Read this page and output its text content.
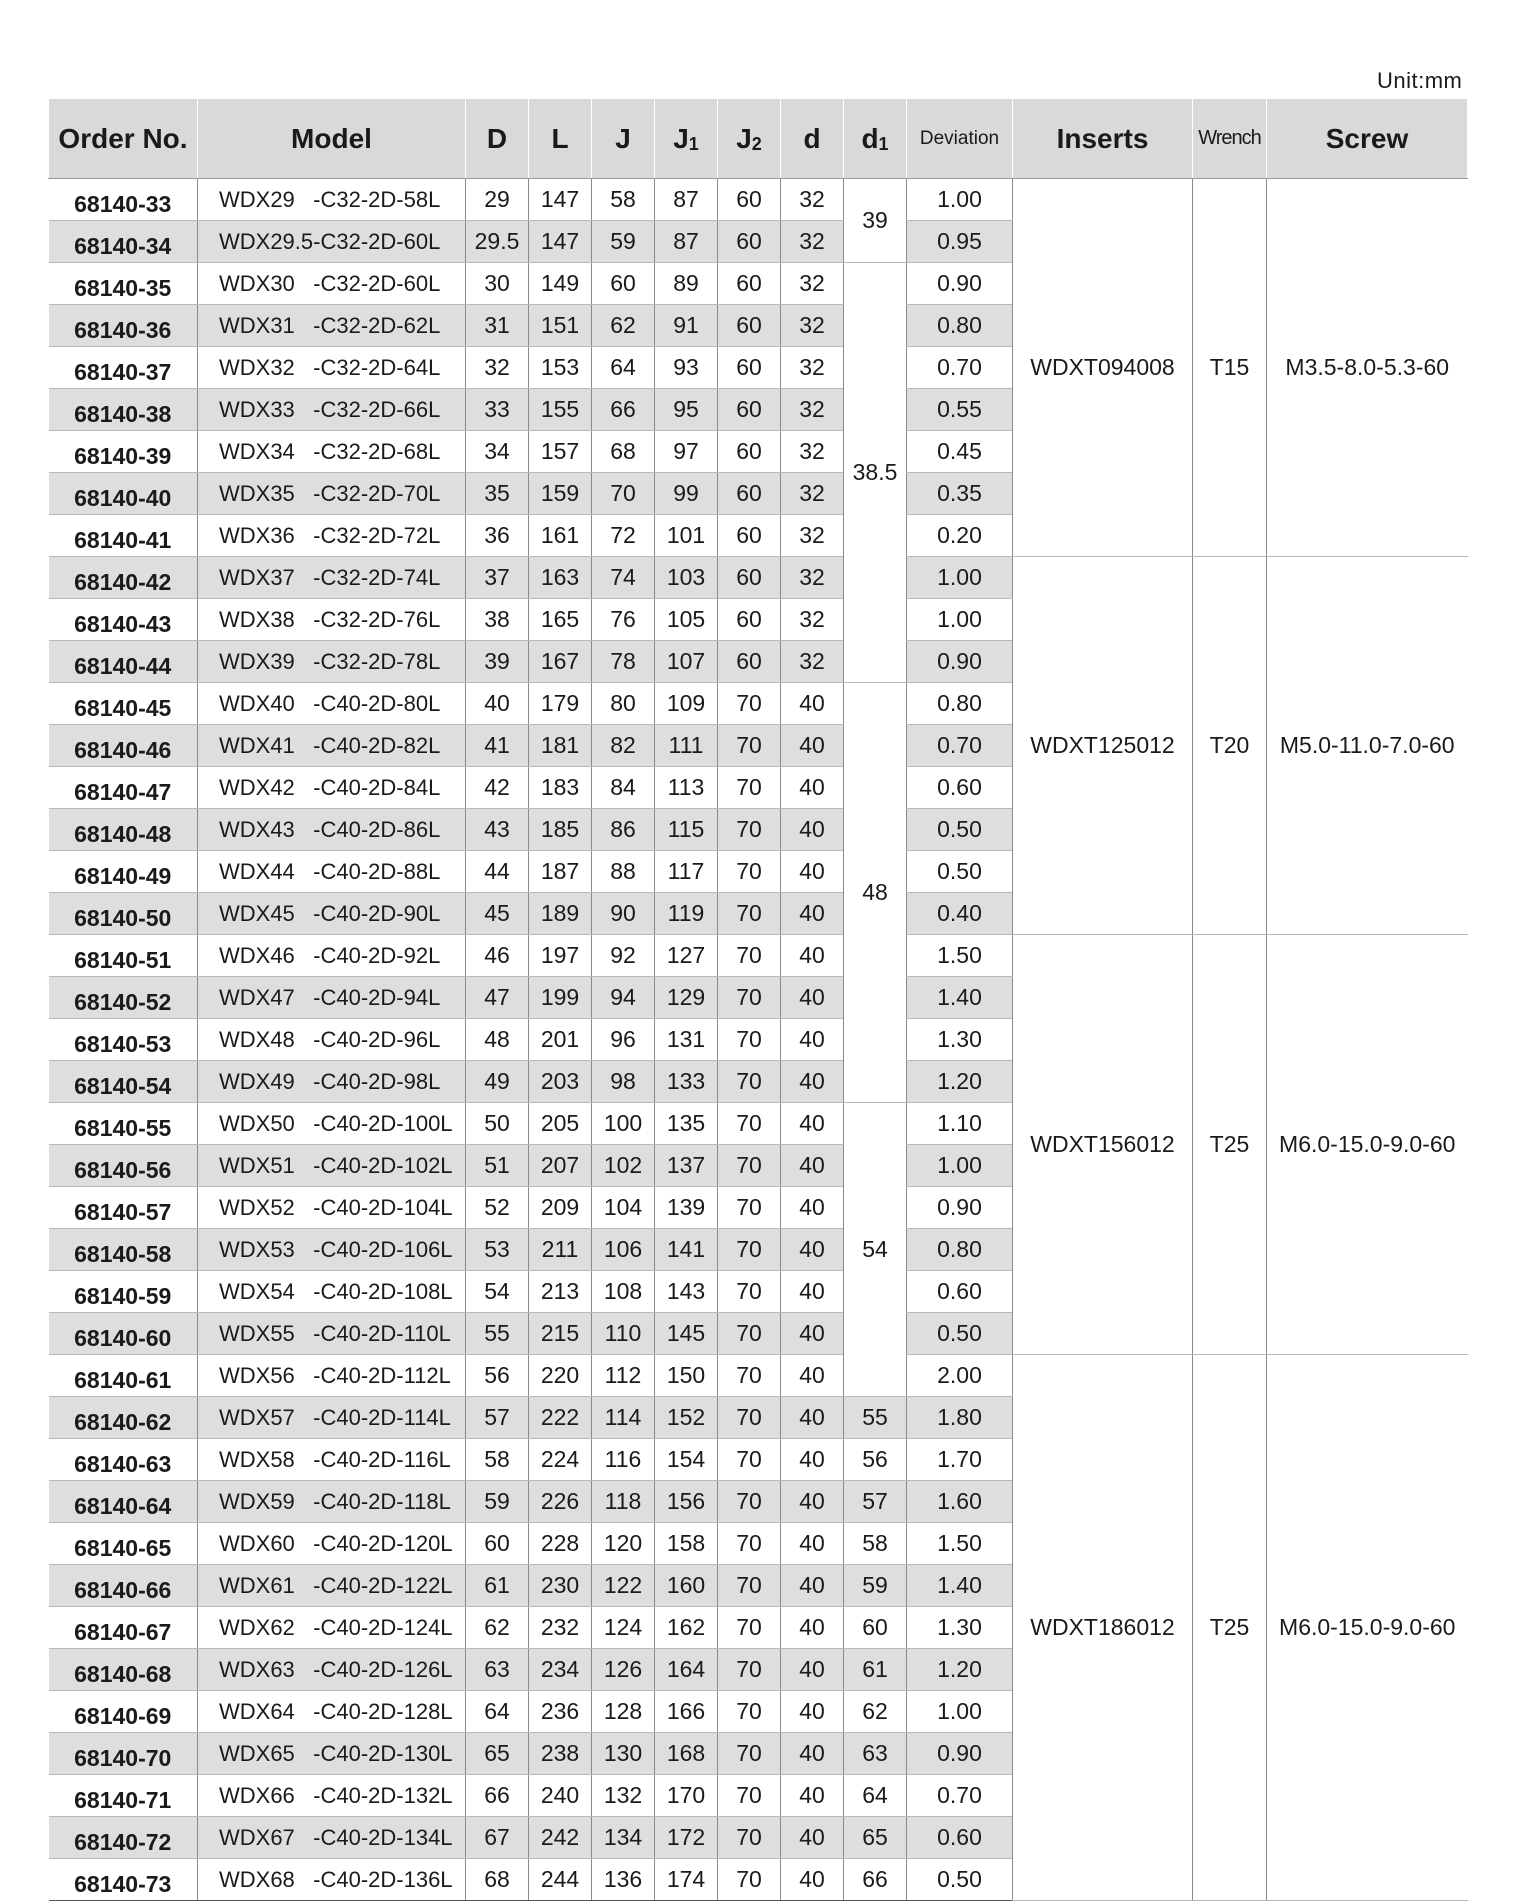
Unit:mm
Order No.	Model	D	L	J	J1	J2	d	d1	Deviation	Inserts	Wrench	Screw
68140-33	WDX29   -C32-2D-58L	29	147	58	87	60	32	39	1.00	WDXT094008	T15	M3.5-8.0-5.3-60
68140-34	WDX29.5-C32-2D-60L	29.5	147	59	87	60	32		0.95			
68140-35	WDX30   -C32-2D-60L	30	149	60	89	60	32	38.5	0.90			
68140-36	WDX31   -C32-2D-62L	31	151	62	91	60	32		0.80			
68140-37	WDX32   -C32-2D-64L	32	153	64	93	60	32		0.70			
68140-38	WDX33   -C32-2D-66L	33	155	66	95	60	32		0.55			
68140-39	WDX34   -C32-2D-68L	34	157	68	97	60	32		0.45			
68140-40	WDX35   -C32-2D-70L	35	159	70	99	60	32		0.35			
68140-41	WDX36   -C32-2D-72L	36	161	72	101	60	32		0.20			
68140-42	WDX37   -C32-2D-74L	37	163	74	103	60	32		1.00	WDXT125012	T20	M5.0-11.0-7.0-60
68140-43	WDX38   -C32-2D-76L	38	165	76	105	60	32		1.00			
68140-44	WDX39   -C32-2D-78L	39	167	78	107	60	32		0.90			
68140-45	WDX40   -C40-2D-80L	40	179	80	109	70	40	48	0.80			
68140-46	WDX41   -C40-2D-82L	41	181	82	111	70	40		0.70			
68140-47	WDX42   -C40-2D-84L	42	183	84	113	70	40		0.60			
68140-48	WDX43   -C40-2D-86L	43	185	86	115	70	40		0.50			
68140-49	WDX44   -C40-2D-88L	44	187	88	117	70	40		0.50			
68140-50	WDX45   -C40-2D-90L	45	189	90	119	70	40		0.40			
68140-51	WDX46   -C40-2D-92L	46	197	92	127	70	40		1.50	WDXT156012	T25	M6.0-15.0-9.0-60
68140-52	WDX47   -C40-2D-94L	47	199	94	129	70	40		1.40			
68140-53	WDX48   -C40-2D-96L	48	201	96	131	70	40		1.30			
68140-54	WDX49   -C40-2D-98L	49	203	98	133	70	40		1.20			
68140-55	WDX50   -C40-2D-100L	50	205	100	135	70	40	54	1.10			
68140-56	WDX51   -C40-2D-102L	51	207	102	137	70	40		1.00			
68140-57	WDX52   -C40-2D-104L	52	209	104	139	70	40		0.90			
68140-58	WDX53   -C40-2D-106L	53	211	106	141	70	40		0.80			
68140-59	WDX54   -C40-2D-108L	54	213	108	143	70	40		0.60			
68140-60	WDX55   -C40-2D-110L	55	215	110	145	70	40		0.50			
68140-61	WDX56   -C40-2D-112L	56	220	112	150	70	40		2.00	WDXT186012	T25	M6.0-15.0-9.0-60
68140-62	WDX57   -C40-2D-114L	57	222	114	152	70	40	55	1.80			
68140-63	WDX58   -C40-2D-116L	58	224	116	154	70	40	56	1.70			
68140-64	WDX59   -C40-2D-118L	59	226	118	156	70	40	57	1.60			
68140-65	WDX60   -C40-2D-120L	60	228	120	158	70	40	58	1.50			
68140-66	WDX61   -C40-2D-122L	61	230	122	160	70	40	59	1.40			
68140-67	WDX62   -C40-2D-124L	62	232	124	162	70	40	60	1.30			
68140-68	WDX63   -C40-2D-126L	63	234	126	164	70	40	61	1.20			
68140-69	WDX64   -C40-2D-128L	64	236	128	166	70	40	62	1.00			
68140-70	WDX65   -C40-2D-130L	65	238	130	168	70	40	63	0.90			
68140-71	WDX66   -C40-2D-132L	66	240	132	170	70	40	64	0.70			
68140-72	WDX67   -C40-2D-134L	67	242	134	172	70	40	65	0.60			
68140-73	WDX68   -C40-2D-136L	68	244	136	174	70	40	66	0.50			
